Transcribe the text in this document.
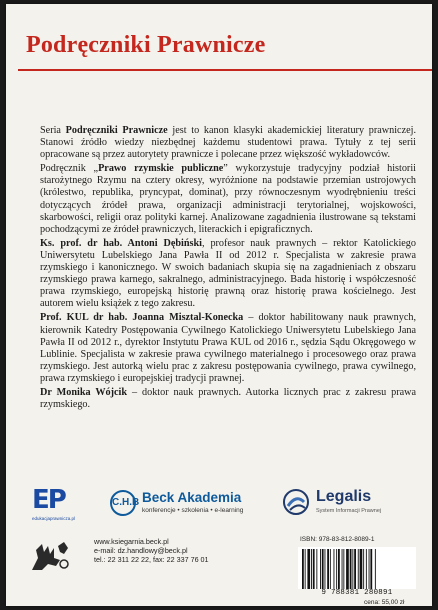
Podręczniki Prawnicze

Seria Podręczniki Prawnicze jest to kanon klasyki akademickiej literatury prawniczej. Stanowi źródło wiedzy niezbędnej każdemu studentowi prawa. Tytuły z tej serii opracowane są przez autorytety prawnicze i polecane przez większość wykładowców.

Podręcznik „Prawo rzymskie publiczne” wykorzystuje tradycyjny podział historii starożytnego Rzymu na cztery okresy, wyróżnione na podstawie przemian ustrojowych (królestwo, republika, pryncypat, dominat), przy równoczesnym wyodrębnieniu treści dotyczących źródeł prawa, organizacji administracji terytorialnej, wojskowości, skarbowości, religii oraz polityki karnej. Analizowane zagadnienia ilustrowane są tekstami pochodzącymi ze źródeł prawniczych, literackich i epigraficznych.

Ks. prof. dr hab. Antoni Dębiński, profesor nauk prawnych – rektor Katolickiego Uniwersytetu Lubelskiego Jana Pawła II od 2012 r. Specjalista w zakresie prawa rzymskiego i kanonicznego. W swoich badaniach skupia się na zagadnieniach z obszaru rzymskiego prawa karnego, sakralnego, administracyjnego. Bada historię i współczesność prawa rzymskiego, europejską historię prawną oraz historię prawa kościelnego. Jest autorem wielu książek z tego zakresu.

Prof. KUL dr hab. Joanna Misztal-Konecka – doktor habilitowany nauk prawnych, kierownik Katedry Postępowania Cywilnego Katolickiego Uniwersytetu Lubelskiego Jana Pawła II od 2012 r., dyrektor Instytutu Prawa KUL od 2016 r., sędzia Sądu Okręgowego w Lublinie. Specjalista w zakresie prawa cywilnego materialnego i procesowego oraz prawa rzymskiego. Jest autorką wielu prac z zakresu postępowania cywilnego, prawa cywilnego, prawa rzymskiego i europejskiej tradycji prawnej.

Dr Monika Wójcik – doktor nauk prawnych. Autorka licznych prac z zakresu prawa rzymskiego.

EP
edukacjaprawnicza.pl
C.H.B Beck Akademia
konferencje • szkolenia • e-learning
Legalis
System Informacji Prawnej
www.ksiegarnia.beck.pl
e-mail: dz.handlowy@beck.pl
tel.: 22 311 22 22, fax: 22 337 76 01
ISBN: 978-83-812-8089-1
9 788381 280891
cena: 55,00 zł
